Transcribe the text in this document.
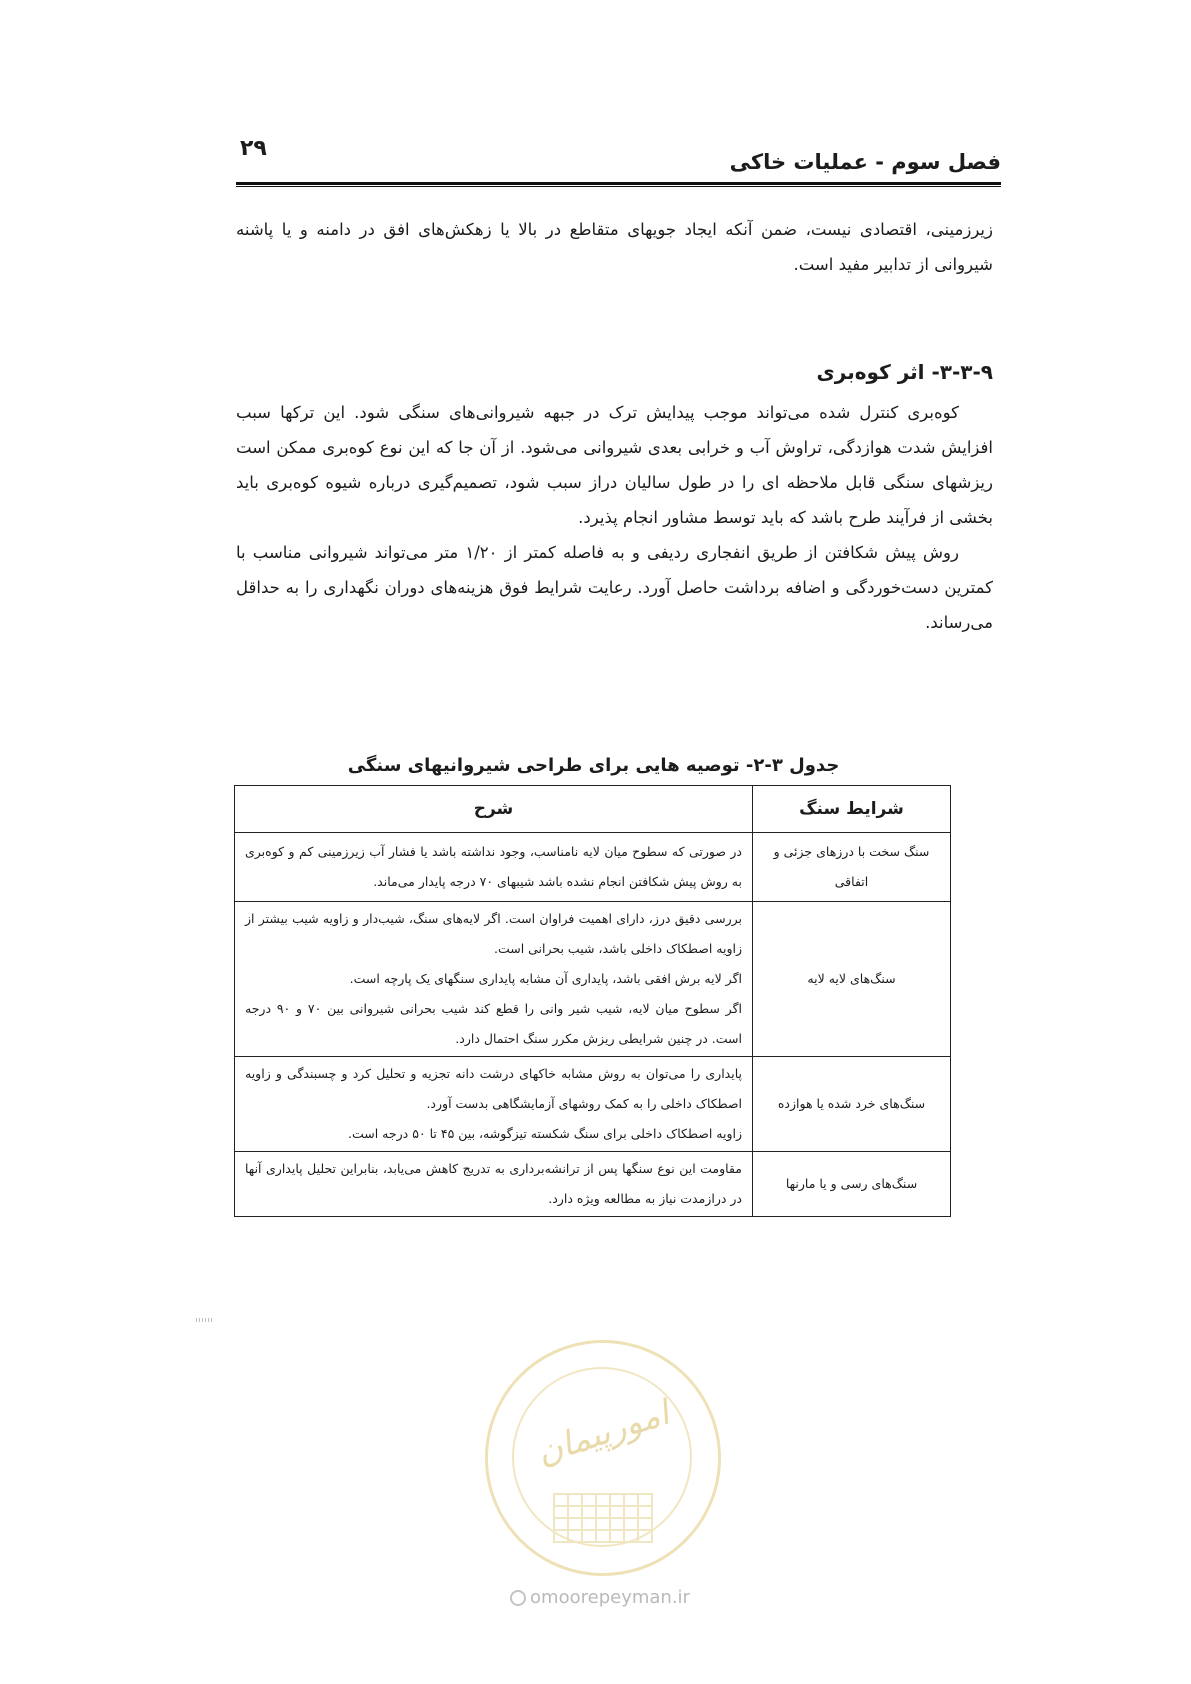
۲۹
فصل سوم - عملیات خاکی

زیرزمینی، اقتصادی نیست، ضمن آنکه ایجاد جویهای متقاطع در بالا یا زهکش‌های افق در دامنه و یا پاشنه شیروانی از تدابیر مفید است.

۳-۳-۹- اثر کوه‌بری

کوه‌بری کنترل شده می‌تواند موجب پیدایش ترک در جبهه شیروانی‌های سنگی شود. این ترکها سبب افزایش شدت هوازدگی، تراوش آب و خرابی بعدی شیروانی می‌شود. از آن جا که این نوع کوه‌بری ممکن است ریزشهای سنگی قابل ملاحظه ای را در طول سالیان دراز سبب شود، تصمیم‌گیری درباره شیوه کوه‌بری باید بخشی از فرآیند طرح باشد که باید توسط مشاور انجام پذیرد.

روش پیش شکافتن از طریق انفجاری ردیفی و به فاصله کمتر از ۱/۲۰ متر می‌تواند شیروانی مناسب با کمترین دست‌خوردگی و اضافه برداشت حاصل آورد. رعایت شرایط فوق هزینه‌های دوران نگهداری را به حداقل می‌رساند.

جدول ۳-۲- توصیه هایی برای طراحی شیروانیهای سنگی
شرایط سنگ	شرح
سنگ سخت با درزهای جزئی و اتفاقی	در صورتی که سطوح میان لایه نامناسب، وجود نداشته باشد یا فشار آب زیرزمینی کم و کوه‌بری به روش پیش شکافتن انجام نشده باشد شیبهای ۷۰ درجه پایدار می‌ماند.

سنگ‌های لایه لایه	بررسی دقیق درز، دارای اهمیت فراوان است. اگر لایه‌های سنگ، شیب‌دار و زاویه شیب بیشتر از زاویه اصطکاک داخلی باشد، شیب بحرانی است.

اگر لایه برش افقی باشد، پایداری آن مشابه پایداری سنگهای یک پارچه است.

اگر سطوح میان لایه، شیب شیر وانی را قطع کند شیب بحرانی شیروانی بین ۷۰ و ۹۰ درجه است. در چنین شرایطی ریزش مکرر سنگ احتمال دارد.

سنگ‌های خرد شده یا هوازده	پایداری را می‌توان به روش مشابه خاکهای درشت دانه تجزیه و تحلیل کرد و چسبندگی و زاویه اصطکاک داخلی را به کمک روشهای آزمایشگاهی بدست آورد.

زاویه اصطکاک داخلی برای سنگ شکسته تیزگوشه، بین ۴۵ تا ۵۰ درجه است.

سنگ‌های رسی و یا مارنها	مقاومت این نوع سنگها پس از ترانشه‌برداری به تدریج کاهش می‌یابد، بنابراین تحلیل پایداری آنها در درازمدت نیاز به مطالعه ویژه دارد.

امورپیمان
omoorepeyman.ir
